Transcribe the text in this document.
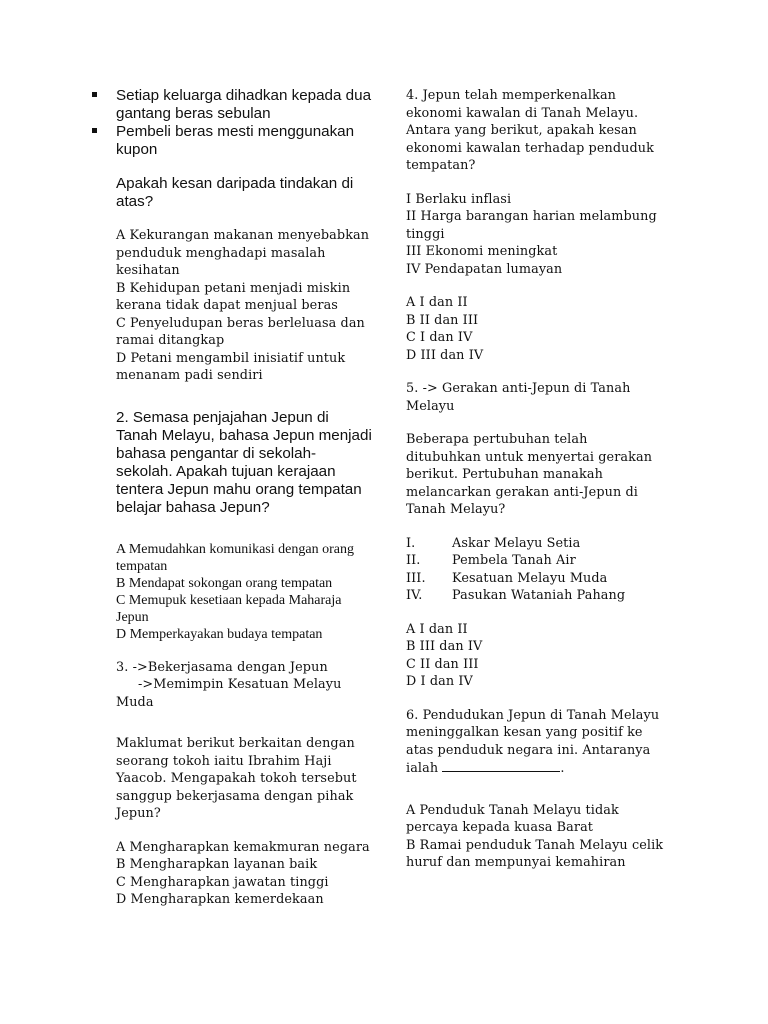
Setiap keluarga dihadkan kepada dua gantang beras sebulan
Pembeli beras mesti menggunakan kupon

Apakah kesan daripada tindakan di atas?

A Kekurangan makanan menyebabkan penduduk menghadapi masalah kesihatan

B Kehidupan petani menjadi miskin kerana tidak dapat menjual beras

C Penyeludupan beras berleluasa dan ramai ditangkap

D Petani mengambil inisiatif untuk menanam padi sendiri

2. Semasa penjajahan Jepun di Tanah Melayu, bahasa Jepun menjadi bahasa pengantar di sekolah-sekolah. Apakah tujuan kerajaan tentera Jepun mahu orang tempatan belajar bahasa Jepun?

A Memudahkan komunikasi dengan orang tempatan

B Mendapat sokongan orang tempatan

C Memupuk kesetiaan kepada Maharaja Jepun

D Memperkayakan budaya tempatan

3. ->Bekerjasama dengan Jepun

->Memimpin Kesatuan Melayu

Muda

Maklumat berikut berkaitan dengan seorang tokoh iaitu Ibrahim Haji Yaacob. Mengapakah tokoh tersebut sanggup bekerjasama dengan pihak Jepun?

A Mengharapkan kemakmuran negara

B Mengharapkan layanan baik

C Mengharapkan jawatan tinggi

D Mengharapkan kemerdekaan

4. Jepun telah memperkenalkan ekonomi kawalan di Tanah Melayu. Antara yang berikut, apakah kesan ekonomi kawalan terhadap penduduk tempatan?

I Berlaku inflasi

II Harga barangan harian melambung tinggi

III Ekonomi meningkat

IV Pendapatan lumayan

A I dan II

B II dan III

C I dan IV

D III dan IV

5. -> Gerakan anti-Jepun di Tanah Melayu

Beberapa pertubuhan telah ditubuhkan untuk menyertai gerakan berikut. Pertubuhan manakah melancarkan gerakan anti-Jepun di Tanah Melayu?

I.	Askar Melayu Setia
II.	Pembela Tanah Air
III.	Kesatuan Melayu Muda
IV.	Pasukan Wataniah Pahang

A I dan II

B III dan IV

C II dan III

D I dan IV

6. Pendudukan Jepun di Tanah Melayu meninggalkan kesan yang positif ke atas penduduk negara ini. Antaranya ialah	.

A Penduduk Tanah Melayu tidak percaya kepada kuasa Barat

B Ramai penduduk Tanah Melayu celik huruf dan mempunyai kemahiran
